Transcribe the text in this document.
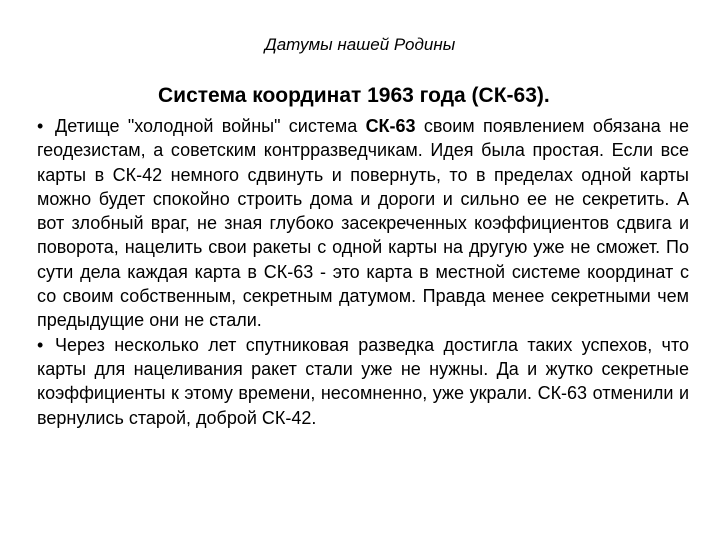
Датумы нашей Родины
Система координат 1963 года (СК-63).

•Детище "холодной войны" система СК-63 своим появлением обязана не геодезистам, а советским контрразведчикам. Идея была простая. Если все карты в СК-42 немного сдвинуть и повернуть, то в пределах одной карты можно будет спокойно строить дома и дороги и сильно ее не секретить. А вот злобный враг, не зная глубоко засекреченных коэффициентов сдвига и поворота, нацелить свои ракеты с одной карты на другую уже не сможет. По сути дела каждая карта в СК-63 - это карта в местной системе координат с со своим собственным, секретным датумом. Правда менее секретными чем предыдущие они не стали.

•Через несколько лет спутниковая разведка достигла таких успехов, что карты для нацеливания ракет стали уже не нужны. Да и жутко секретные коэффициенты к этому времени, несомненно, уже украли. СК-63 отменили и вернулись старой, доброй СК-42.
